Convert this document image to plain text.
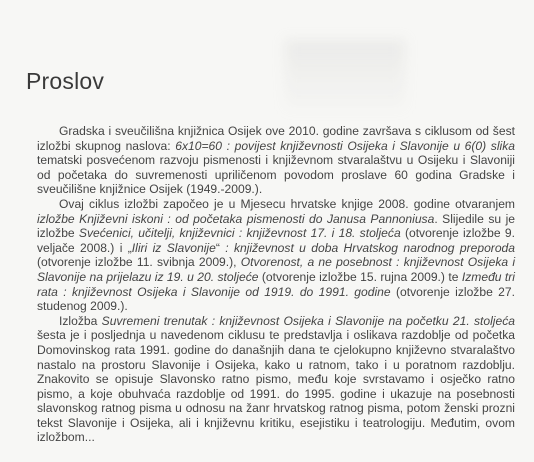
Proslov

Gradska i sveučilišna knjižnica Osijek ove 2010. godine završava s ciklusom od šest izložbi skupnog naslova: 6x10=60 : povijest književnosti Osijeka i Slavonije u 6(0) slika tematski posvećenom razvoju pismenosti i književnom stvaralaštvu u Osijeku i Slavoniji od početaka do suvremenosti upriličenom povodom proslave 60 godina Gradske i sveučilišne knjižnice Osijek (1949.-2009.).

Ovaj ciklus izložbi započeo je u Mjesecu hrvatske knjige 2008. godine otvaranjem izložbe Književni iskoni : od početaka pismenosti do Janusa Pannoniusa. Slijedile su je izložbe Svećenici, učitelji, književnici : književnost 17. i 18. stoljeća (otvorenje izložbe 9. veljače 2008.) i „Iliri iz Slavonije“ : književnost u doba Hrvatskog narodnog preporoda (otvorenje izložbe 11. svibnja 2009.), Otvorenost, a ne posebnost : književnost Osijeka i Slavonije na prijelazu iz 19. u 20. stoljeće (otvorenje izložbe 15. rujna 2009.) te Između tri rata : književnost Osijeka i Slavonije od 1919. do 1991. godine (otvorenje izložbe 27. studenog 2009.).

Izložba Suvremeni trenutak : književnost Osijeka i Slavonije na početku 21. stoljeća šesta je i posljednja u navedenom ciklusu te predstavlja i oslikava razdoblje od početka Domovinskog rata 1991. godine do današnjih dana te cjelokupno književno stvaralaštvo nastalo na prostoru Slavonije i Osijeka, kako u ratnom, tako i u poratnom razdoblju. Znakovito se opisuje Slavonsko ratno pismo, među koje svrstavamo i osječko ratno pismo, a koje obuhvaća razdoblje od 1991. do 1995. godine i ukazuje na posebnosti slavonskog ratnog pisma u odnosu na žanr hrvatskog ratnog pisma, potom ženski prozni tekst Slavonije i Osijeka, ali i književnu kritiku, esejistiku i teatrologiju. Međutim, ovom izložbom...
